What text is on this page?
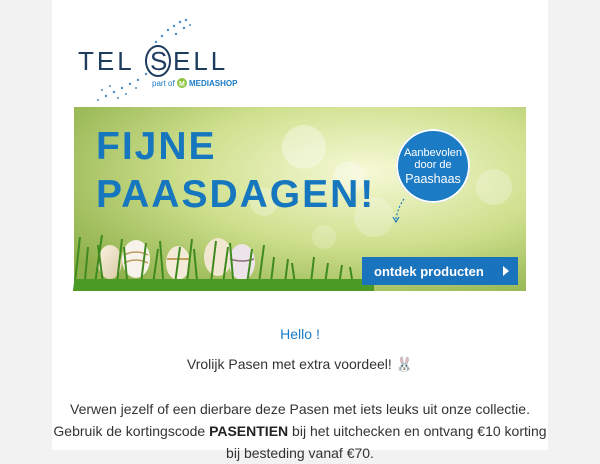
TEL S ELL
part of M MEDIASHOP
FIJNE
PAASDAGEN!
Aanbevolen
door de
Paashaas
ontdek producten
Hello !
Vrolijk Pasen met extra voordeel! 🐰
Verwen jezelf of een dierbare deze Pasen met iets leuks uit onze collectie. Gebruik de kortingscode PASENTIEN bij het uitchecken en ontvang €10 korting bij besteding vanaf €70.
